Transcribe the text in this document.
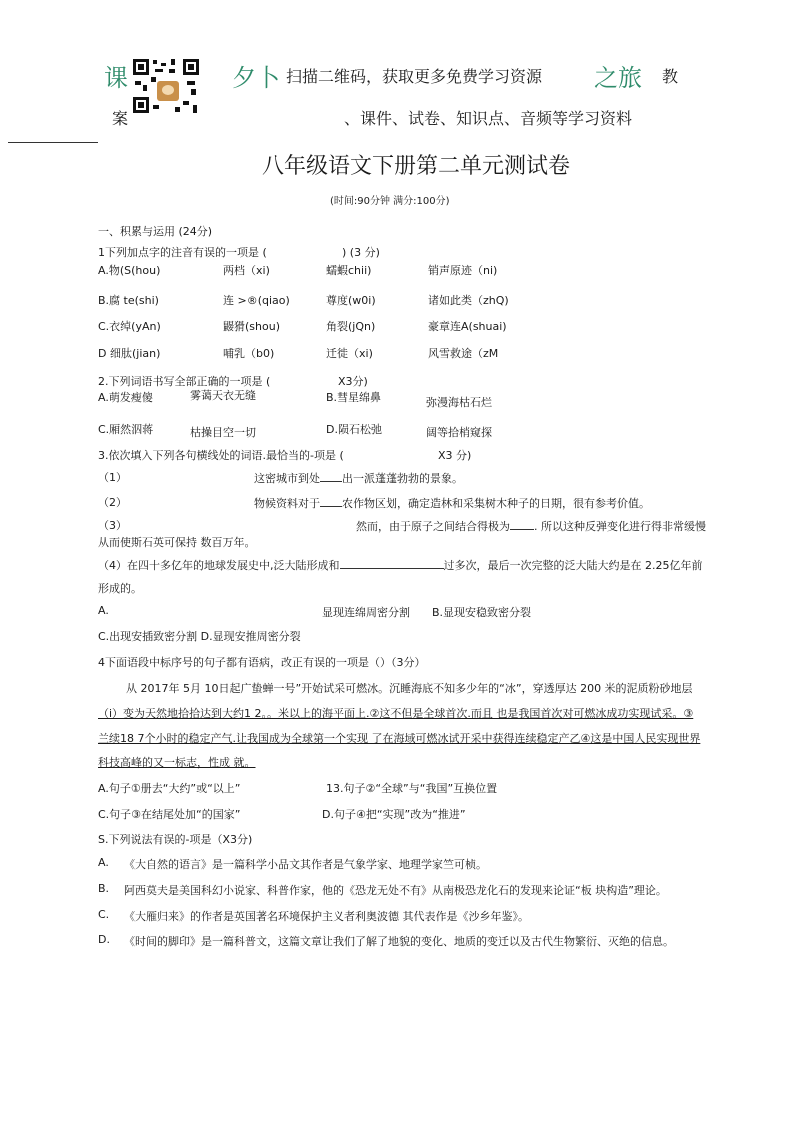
课	夕卜 扫描二维码，获取更多免费学习资源 之旅 教
案	、课件、试卷、知识点、音频等学习资料
八年级语文下册第二单元测试卷
(时间:90分钟 满分:100分)
一、积累与运用 (24分)
1下列加点字的注音有误的一项是 (	) (3 分)
A.物(S(hou)	两档（xi)	蠕蝦chii)	销声原迹（ni)
B.腐 te(shi)	连 >®(qiao)	尊度(w0i)	诸如此类（zhQ)
C.衣绰(yAn)	鼹猾(shou)	角裂(jQn)	豪章连A(shuai)
D 细肽(jian)	哺乳（b0)	迁徙（xi)	风雪救途（zM
2.下列词语书写全部正确的一项是 (	X3分)
A.萌发瘦傻	雾蔼天衣无缝	B.彗星绵鼻	弥漫海枯石烂
C.厢然泅蒋	枯操目空一切	D.陨石松弛	阔等拾梢窥探
3.依次填入下列各句横线处的词语.最恰当的-项是 (	X3 分)
（1）	这密城市到处 出一派蓬蓬勃勃的景象。
（2）	物候资料对于 农作物区划，确定造林和采集树木种子的日期，很有参考价值。
（3）	然而，由于原子之间结合得极为 . 所以这种反弹变化进行得非常缓慢
从而使斯石英可保持 数百万年。
（4）在四十多亿年的地球发展史中,泛大陆形成和	过多次，最后一次完整的泛大陆大约是在 2.25亿年前
形成的。
A.	显现连绵周密分割 B.显现安稳致密分裂
C.出现安插致密分割 D.显现安推周密分裂
4下面语段中标序号的句子都有语病，改正有误的一项是（）（3分）
从 2017年 5月 10日起广蛰蝉一号”开始试采可燃冰。沉睡海底不知多少年的“冰”，穿透厚达 200 米的泥质粉砂地层
（i）变为天然地拾拾达到大约1 2。。米以上的海平面上.②这不但是全球首次.而且 也是我国首次对可燃冰成功实现试采。③
兰续18 7个小时的稳定产气.让我国成为全球第一个实现 了在海域可燃冰试开采中获得连续稳定产乙④这是中国人民实现世界
科技高峰的又一标志，性成 就。
A.句子①册去“大约”或“以上”	13.句子②“全球”与“我国”互换位置
C.句子③在结尾处加“的国家”	D.句子④把“实现”改为“推进”
S.下列说法有误的-项是（X3分)
A. 《大自然的语言》是一篇科学小品文其作者是气象学家、地理学家竺可桢。
B. 阿西莫夫是美国科幻小说家、科普作家，他的《恐龙无处不有》从南极恐龙化石的发现来论证“板 块构造”理论。
C. 《大雁归来》的作者是英国著名环境保护主义者利奥波德 其代表作是《沙乡年鉴》。
D. 《时间的脚印》是一篇科普文，这篇文章让我们了解了地貌的变化、地质的变迁以及古代生物繁衍、灭绝的信息。
